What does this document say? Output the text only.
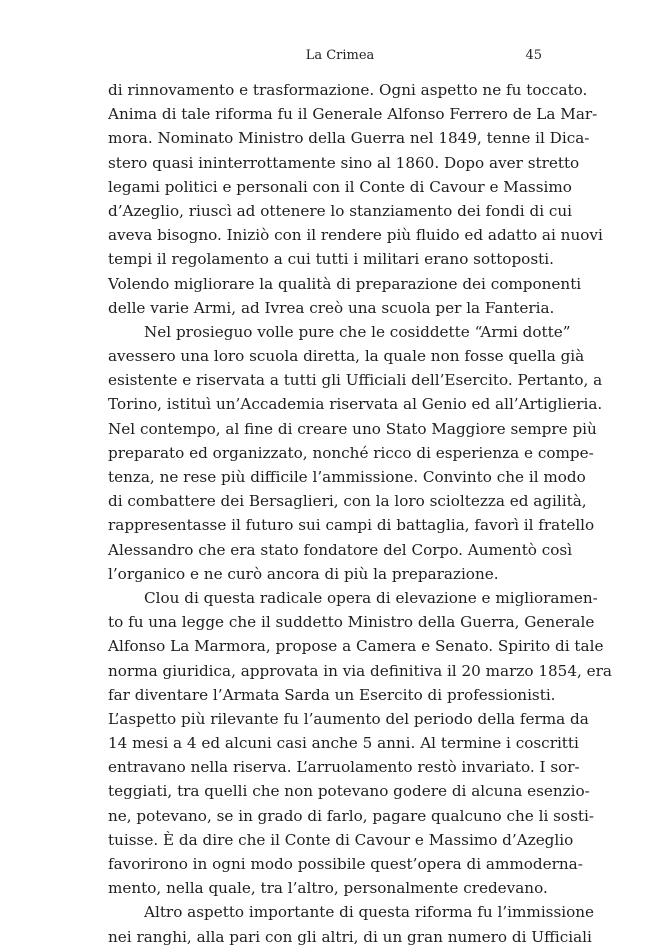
La Crimea	45
di rinnovamento e trasformazione. Ogni aspetto ne fu toccato.
Anima di tale riforma fu il Generale Alfonso Ferrero de La Mar-
mora. Nominato Ministro della Guerra nel 1849, tenne il Dica-
stero quasi ininterrottamente sino al 1860. Dopo aver stretto
legami politici e personali con il Conte di Cavour e Massimo
d’Azeglio, riuscì ad ottenere lo stanziamento dei fondi di cui
aveva bisogno. Iniziò con il rendere più fluido ed adatto ai nuovi
tempi il regolamento a cui tutti i militari erano sottoposti.
Volendo migliorare la qualità di preparazione dei componenti
delle varie Armi, ad Ivrea creò una scuola per la Fanteria.
Nel prosieguo volle pure che le cosiddette “Armi dotte”
avessero una loro scuola diretta, la quale non fosse quella già
esistente e riservata a tutti gli Ufficiali dell’Esercito. Pertanto, a
Torino, istituì un’Accademia riservata al Genio ed all’Artiglieria.
Nel contempo, al fine di creare uno Stato Maggiore sempre più
preparato ed organizzato, nonché ricco di esperienza e compe-
tenza, ne rese più difficile l’ammissione. Convinto che il modo
di combattere dei Bersaglieri, con la loro scioltezza ed agilità,
rappresentasse il futuro sui campi di battaglia, favorì il fratello
Alessandro che era stato fondatore del Corpo. Aumentò così
l’organico e ne curò ancora di più la preparazione.
Clou di questa radicale opera di elevazione e miglioramen-
to fu una legge che il suddetto Ministro della Guerra, Generale
Alfonso La Marmora, propose a Camera e Senato. Spirito di tale
norma giuridica, approvata in via definitiva il 20 marzo 1854, era
far diventare l’Armata Sarda un Esercito di professionisti.
L’aspetto più rilevante fu l’aumento del periodo della ferma da
14 mesi a 4 ed alcuni casi anche 5 anni. Al termine i coscritti
entravano nella riserva. L’arruolamento restò invariato. I sor-
teggiati, tra quelli che non potevano godere di alcuna esenzio-
ne, potevano, se in grado di farlo, pagare qualcuno che li sosti-
tuisse. È da dire che il Conte di Cavour e Massimo d’Azeglio
favorirono in ogni modo possibile quest’opera di ammoderna-
mento, nella quale, tra l’altro, personalmente credevano.
Altro aspetto importante di questa riforma fu l’immissione
nei ranghi, alla pari con gli altri, di un gran numero di Ufficiali
